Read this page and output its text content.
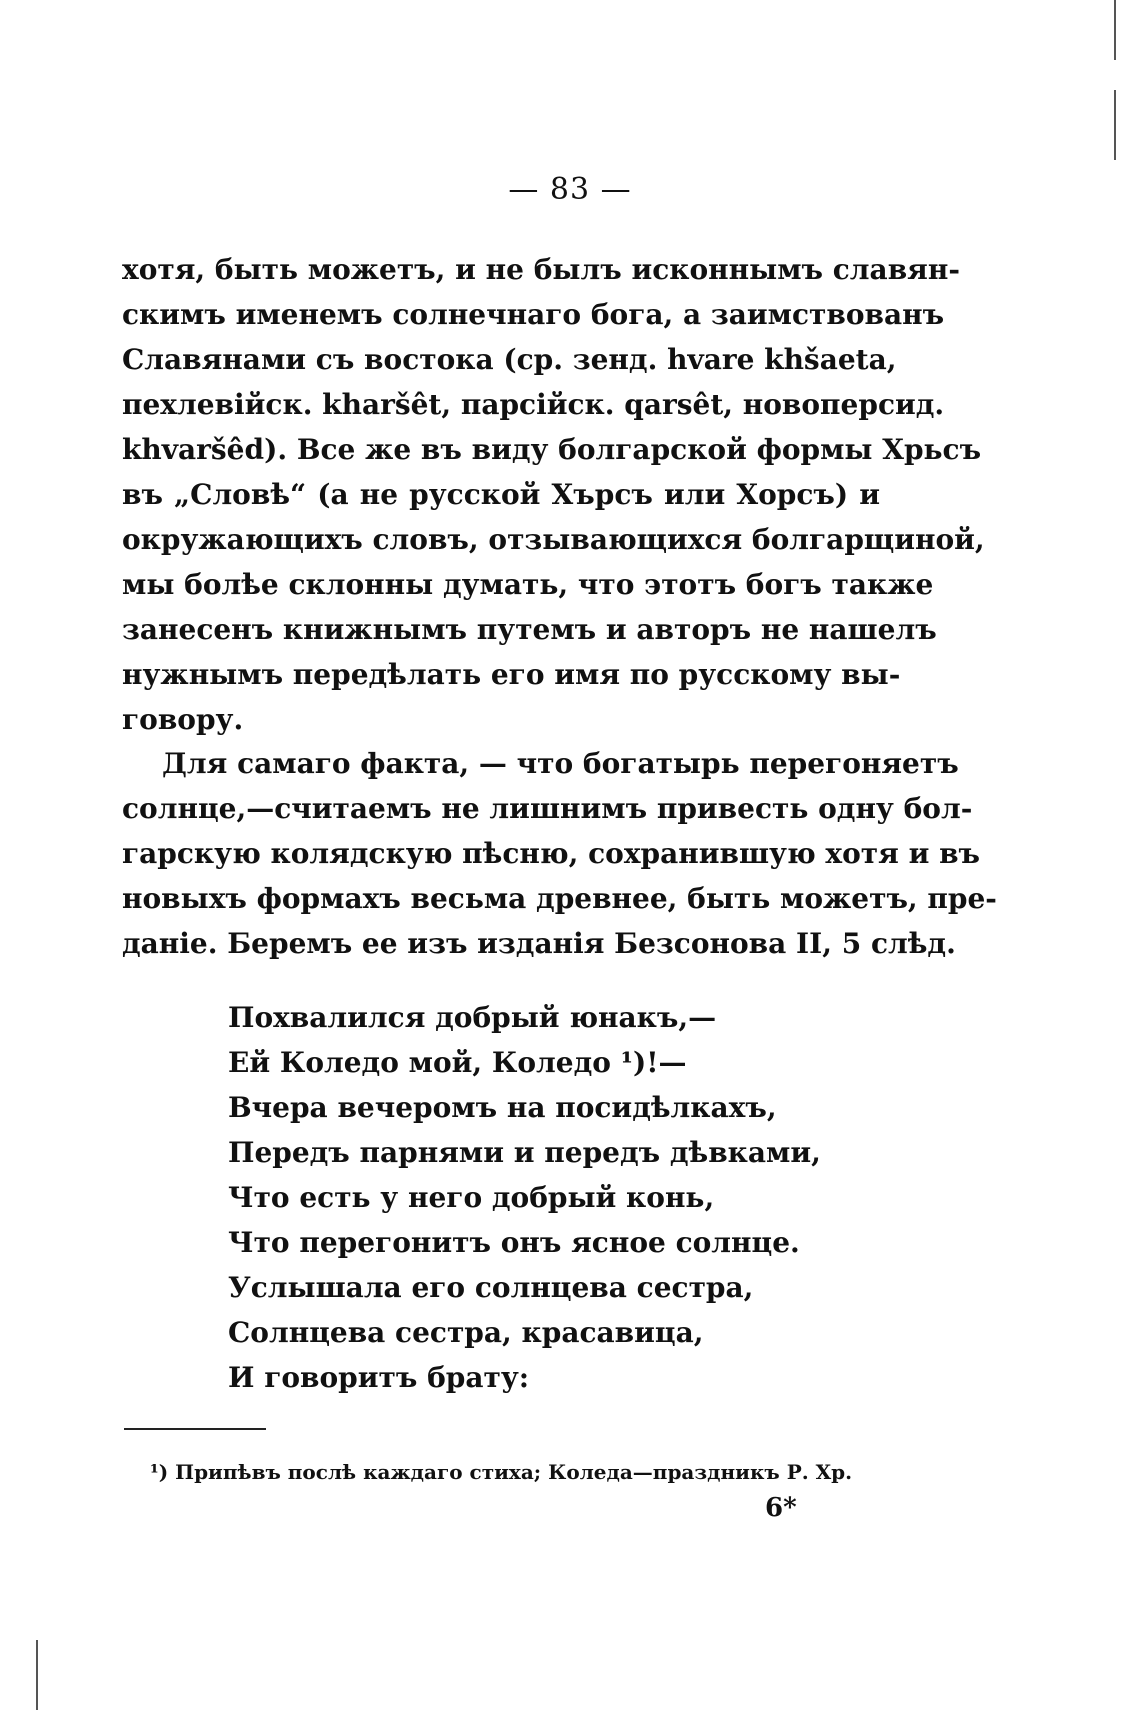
— 83 —
хотя, быть можетъ, и не былъ исконнымъ славян-
скимъ именемъ солнечнаго бога, а заимствованъ
Славянами съ востока (ср. зенд. hvare khšaeta,
пехлевійск. kharšêt, парсійск. qarsêt, новоперсид.
khvaršêd). Все же въ виду болгарской формы Хрьсъ
въ „Словѣ“ (а не русской Хърсъ или Хорсъ) и
окружающихъ словъ, отзывающихся болгарщиной,
мы болѣе склонны думать, что этотъ богъ также
занесенъ книжнымъ путемъ и авторъ не нашелъ
нужнымъ передѣлать его имя по русскому вы-
говору.
Для самаго факта, — что богатырь перегоняетъ
солнце,—считаемъ не лишнимъ привесть одну бол-
гарскую колядскую пѣсню, сохранившую хотя и въ
новыхъ формахъ весьма древнее, быть можетъ, пре-
даніе. Беремъ ее изъ изданія Безсонова II, 5 слѣд.
Похвалился добрый юнакъ,—
Ей Коледо мой, Коледо ¹)!—
Вчера вечеромъ на посидѣлкахъ,
Передъ парнями и передъ дѣвками,
Что есть у него добрый конь,
Что перегонитъ онъ ясное солнце.
Услышала его солнцева сестра,
Солнцева сестра, красавица,
И говоритъ брату:
¹) Припѣвъ послѣ каждаго стиха; Коледа—праздникъ Р. Хр.
6*
